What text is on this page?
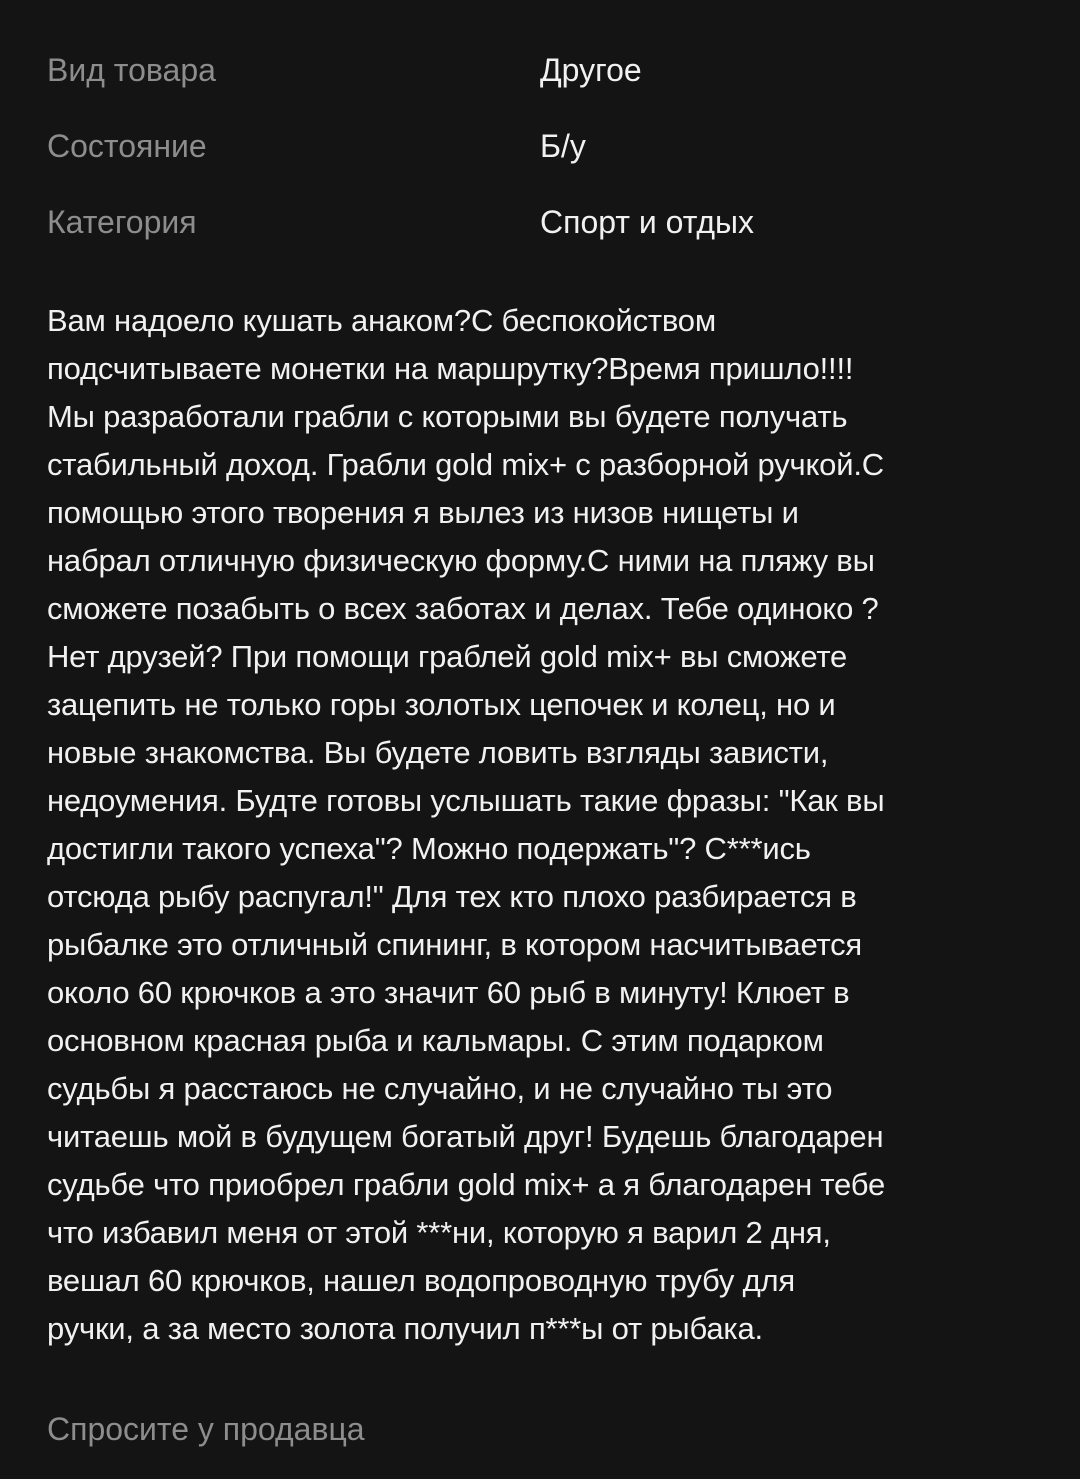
Вид товара	Другое
Состояние	Б/у
Категория	Спорт и отдых
Вам надоело кушать анаком?С беспокойством
подсчитываете монетки на маршрутку?Время пришло!!!!
Мы разработали грабли с которыми вы будете получать
стабильный доход. Грабли gold mix+ с разборной ручкой.С
помощью этого творения я вылез из низов нищеты и
набрал отличную физическую форму.С ними на пляжу вы
сможете позабыть о всех заботах и делах. Тебе одиноко ?
Нет друзей? При помощи граблей gold mix+ вы сможете
зацепить не только горы золотых цепочек и колец, но и
новые знакомства. Вы будете ловить взгляды зависти,
недоумения. Будте готовы услышать такие фразы: "Как вы
достигли такого успеха"? Можно подержать"? С***ись
отсюда рыбу распугал!" Для тех кто плохо разбирается в
рыбалке это отличный спининг, в котором насчитывается
около 60 крючков а это значит 60 рыб в минуту! Клюет в
основном красная рыба и кальмары. С этим подарком
судьбы я расстаюсь не случайно, и не случайно ты это
читаешь мой в будущем богатый друг! Будешь благодарен
судьбе что приобрел грабли gold mix+ а я благодарен тебе
что избавил меня от этой ***ни, которую я варил 2 дня,
вешал 60 крючков, нашел водопроводную трубу для
ручки, а за место золота получил п***ы от рыбака.
Спросите у продавца
